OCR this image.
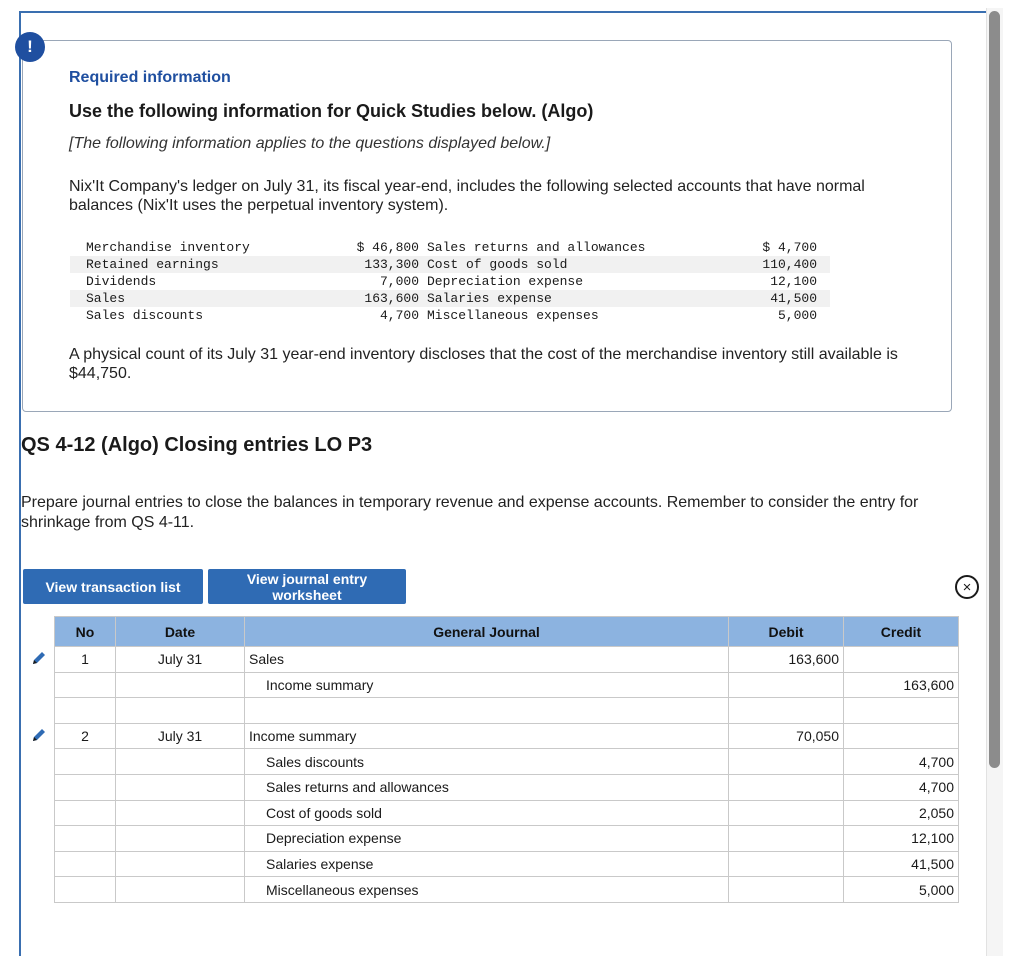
Required information
Use the following information for Quick Studies below. (Algo)
[The following information applies to the questions displayed below.]
Nix'It Company's ledger on July 31, its fiscal year-end, includes the following selected accounts that have normal balances (Nix'It uses the perpetual inventory system).
Merchandise inventory	$ 46,800	Sales returns and allowances	$ 4,700
Retained earnings	133,300	Cost of goods sold	110,400
Dividends	7,000	Depreciation expense	12,100
Sales	163,600	Salaries expense	41,500
Sales discounts	4,700	Miscellaneous expenses	5,000
A physical count of its July 31 year-end inventory discloses that the cost of the merchandise inventory still available is $44,750.
!
QS 4-12 (Algo) Closing entries LO P3
Prepare journal entries to close the balances in temporary revenue and expense accounts. Remember to consider the entry for shrinkage from QS 4-11.
View transaction list	View journal entry worksheet	×
No	Date	General Journal	Debit	Credit
1	July 31	Sales	163,600	
		Income summary		163,600

2	July 31	Income summary	70,050	
		Sales discounts		4,700
		Sales returns and allowances		4,700
		Cost of goods sold		2,050
		Depreciation expense		12,100
		Salaries expense		41,500
		Miscellaneous expenses		5,000
